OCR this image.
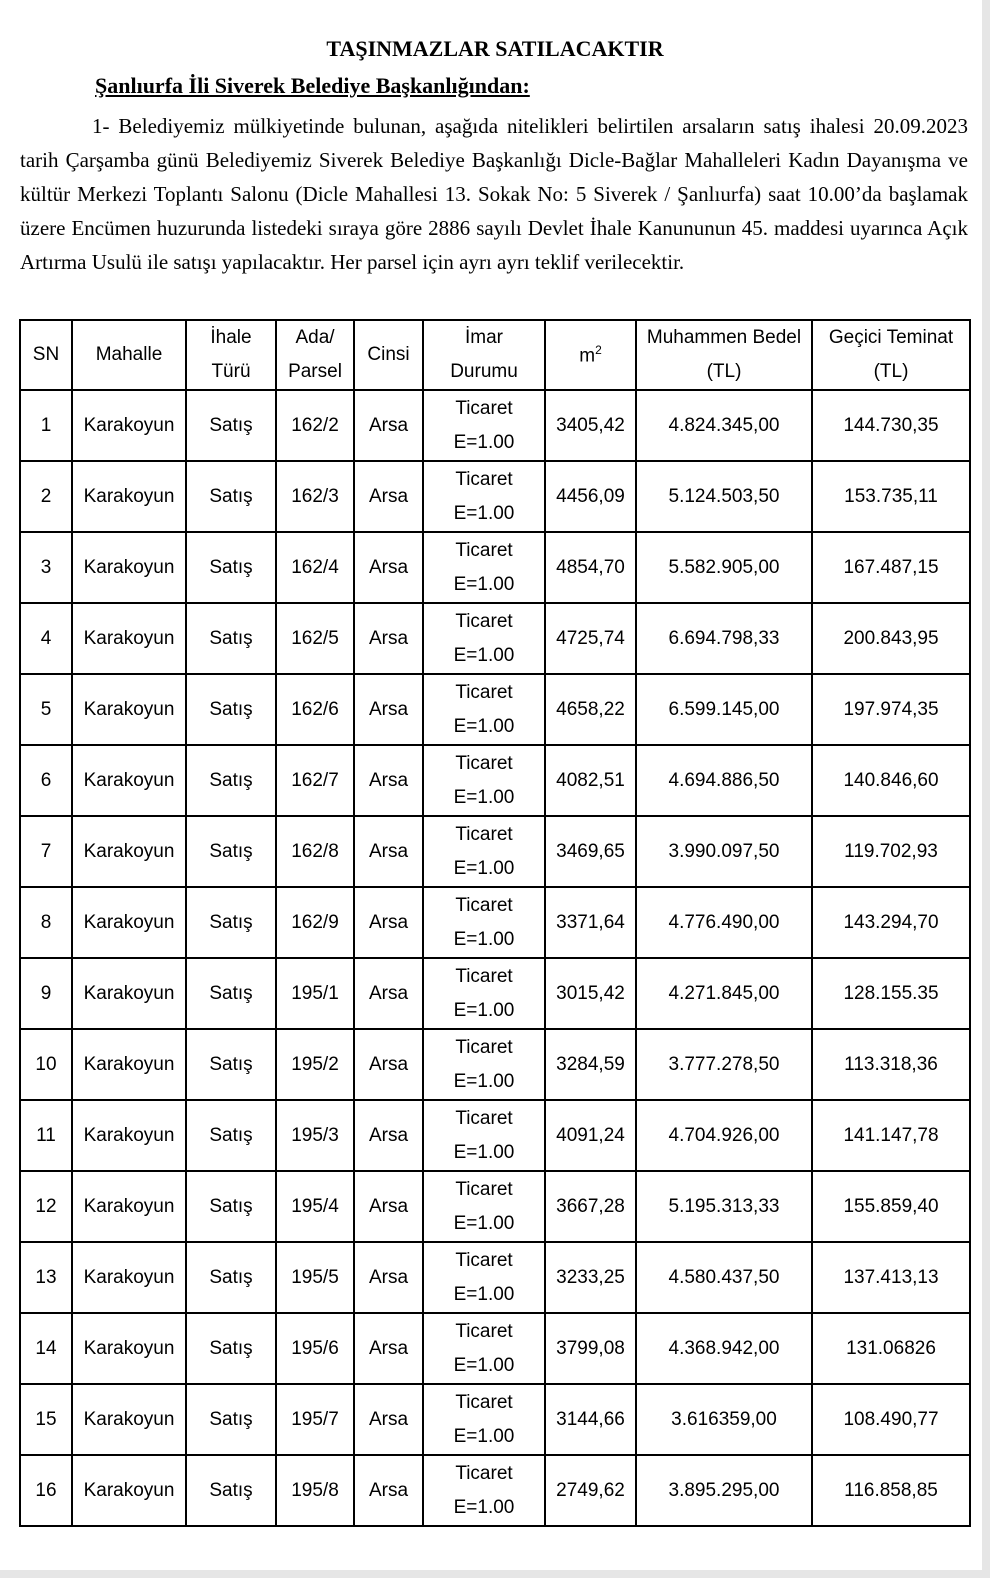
TAŞINMAZLAR SATILACAKTIR
Şanlıurfa İli Siverek Belediye Başkanlığından:

1- Belediyemiz mülkiyetinde bulunan, aşağıda nitelikleri belirtilen arsaların satış ihalesi 20.09.2023 tarih Çarşamba günü Belediyemiz Siverek Belediye Başkanlığı Dicle-Bağlar Mahalleleri Kadın Dayanışma ve kültür Merkezi Toplantı Salonu (Dicle Mahallesi 13. Sokak No: 5 Siverek / Şanlıurfa) saat 10.00’da başlamak üzere Encümen huzurunda listedeki sıraya göre 2886 sayılı Devlet İhale Kanununun 45. maddesi uyarınca Açık Artırma Usulü ile satışı yapılacaktır. Her parsel için ayrı ayrı teklif verilecektir.

SN	Mahalle	İhale
Türü	Ada/
Parsel	Cinsi	İmar
Durumu	$m^2$	Muhammen Bedel
(TL)	Geçici Teminat
(TL)

1	Karakoyun	Satış	162/2	Arsa	Ticaret
E=1.00	3405,42	4.824.345,00	144.730,35
2	Karakoyun	Satış	162/3	Arsa	Ticaret
E=1.00	4456,09	5.124.503,50	153.735,11
3	Karakoyun	Satış	162/4	Arsa	Ticaret
E=1.00	4854,70	5.582.905,00	167.487,15
4	Karakoyun	Satış	162/5	Arsa	Ticaret
E=1.00	4725,74	6.694.798,33	200.843,95
5	Karakoyun	Satış	162/6	Arsa	Ticaret
E=1.00	4658,22	6.599.145,00	197.974,35
6	Karakoyun	Satış	162/7	Arsa	Ticaret
E=1.00	4082,51	4.694.886,50	140.846,60
7	Karakoyun	Satış	162/8	Arsa	Ticaret
E=1.00	3469,65	3.990.097,50	119.702,93
8	Karakoyun	Satış	162/9	Arsa	Ticaret
E=1.00	3371,64	4.776.490,00	143.294,70
9	Karakoyun	Satış	195/1	Arsa	Ticaret
E=1.00	3015,42	4.271.845,00	128.155.35
10	Karakoyun	Satış	195/2	Arsa	Ticaret
E=1.00	3284,59	3.777.278,50	113.318,36
11	Karakoyun	Satış	195/3	Arsa	Ticaret
E=1.00	4091,24	4.704.926,00	141.147,78
12	Karakoyun	Satış	195/4	Arsa	Ticaret
E=1.00	3667,28	5.195.313,33	155.859,40
13	Karakoyun	Satış	195/5	Arsa	Ticaret
E=1.00	3233,25	4.580.437,50	137.413,13
14	Karakoyun	Satış	195/6	Arsa	Ticaret
E=1.00	3799,08	4.368.942,00	131.06826
15	Karakoyun	Satış	195/7	Arsa	Ticaret
E=1.00	3144,66	3.616359,00	108.490,77
16	Karakoyun	Satış	195/8	Arsa	Ticaret
E=1.00	2749,62	3.895.295,00	116.858,85
